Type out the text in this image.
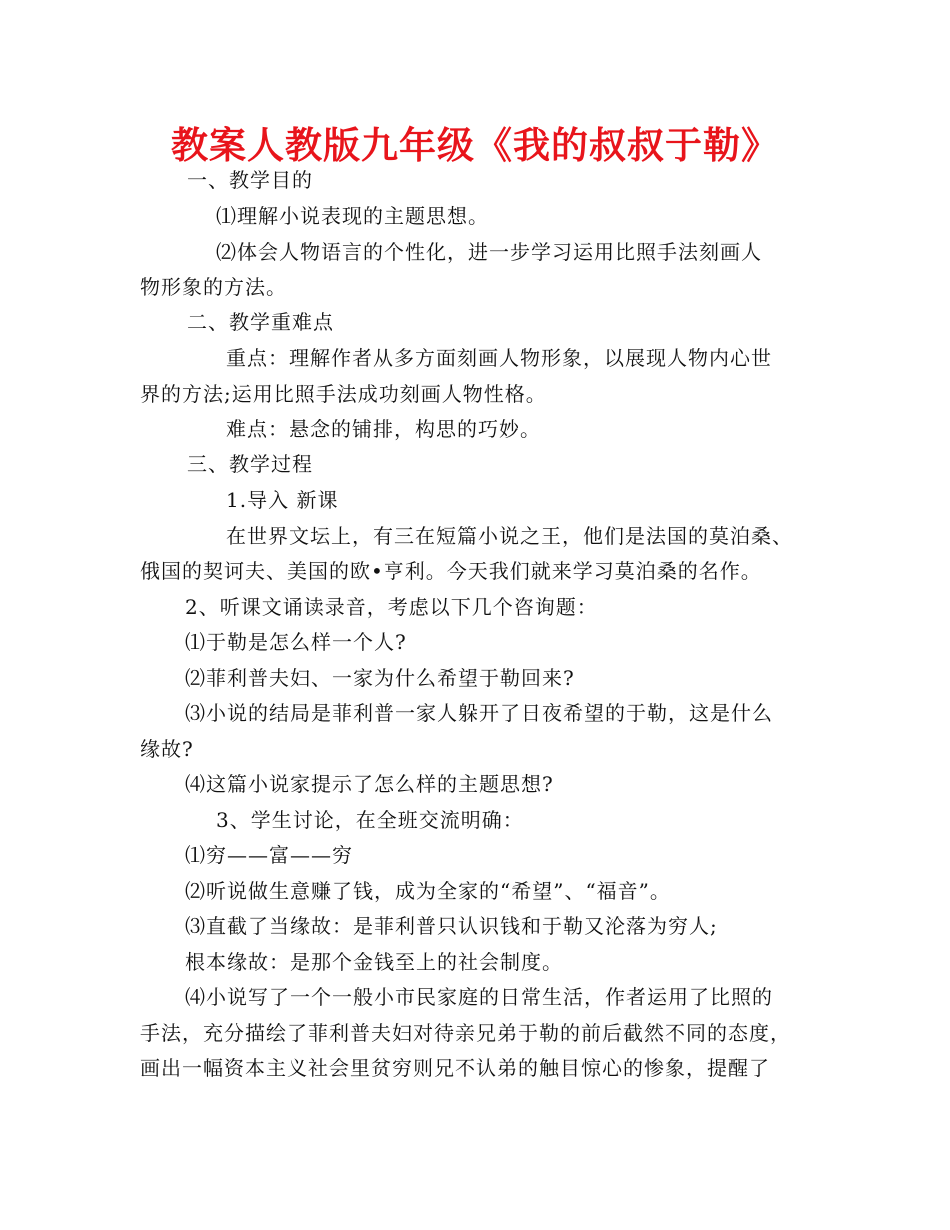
教案人教版九年级《我的叔叔于勒》
一、教学目的
⑴理解小说表现的主题思想。
⑵体会人物语言的个性化，进一步学习运用比照手法刻画人
物形象的方法。
二、教学重难点
重点：理解作者从多方面刻画人物形象，以展现人物内心世
界的方法;运用比照手法成功刻画人物性格。
难点：悬念的铺排，构思的巧妙。
三、教学过程
1.导入 新课
在世界文坛上，有三在短篇小说之王，他们是法国的莫泊桑、
俄国的契诃夫、美国的欧•亨利。今天我们就来学习莫泊桑的名作。
2、听课文诵读录音，考虑以下几个咨询题：
⑴于勒是怎么样一个人?
⑵菲利普夫妇、一家为什么希望于勒回来?
⑶小说的结局是菲利普一家人躲开了日夜希望的于勒，这是什么
缘故?
⑷这篇小说家提示了怎么样的主题思想?
3、学生讨论，在全班交流明确：
⑴穷——富——穷
⑵听说做生意赚了钱，成为全家的“希望”、“福音”。
⑶直截了当缘故：是菲利普只认识钱和于勒又沦落为穷人;
根本缘故：是那个金钱至上的社会制度。
⑷小说写了一个一般小市民家庭的日常生活，作者运用了比照的
手法，充分描绘了菲利普夫妇对待亲兄弟于勒的前后截然不同的态度，
画出一幅资本主义社会里贫穷则兄不认弟的触目惊心的惨象，提醒了
